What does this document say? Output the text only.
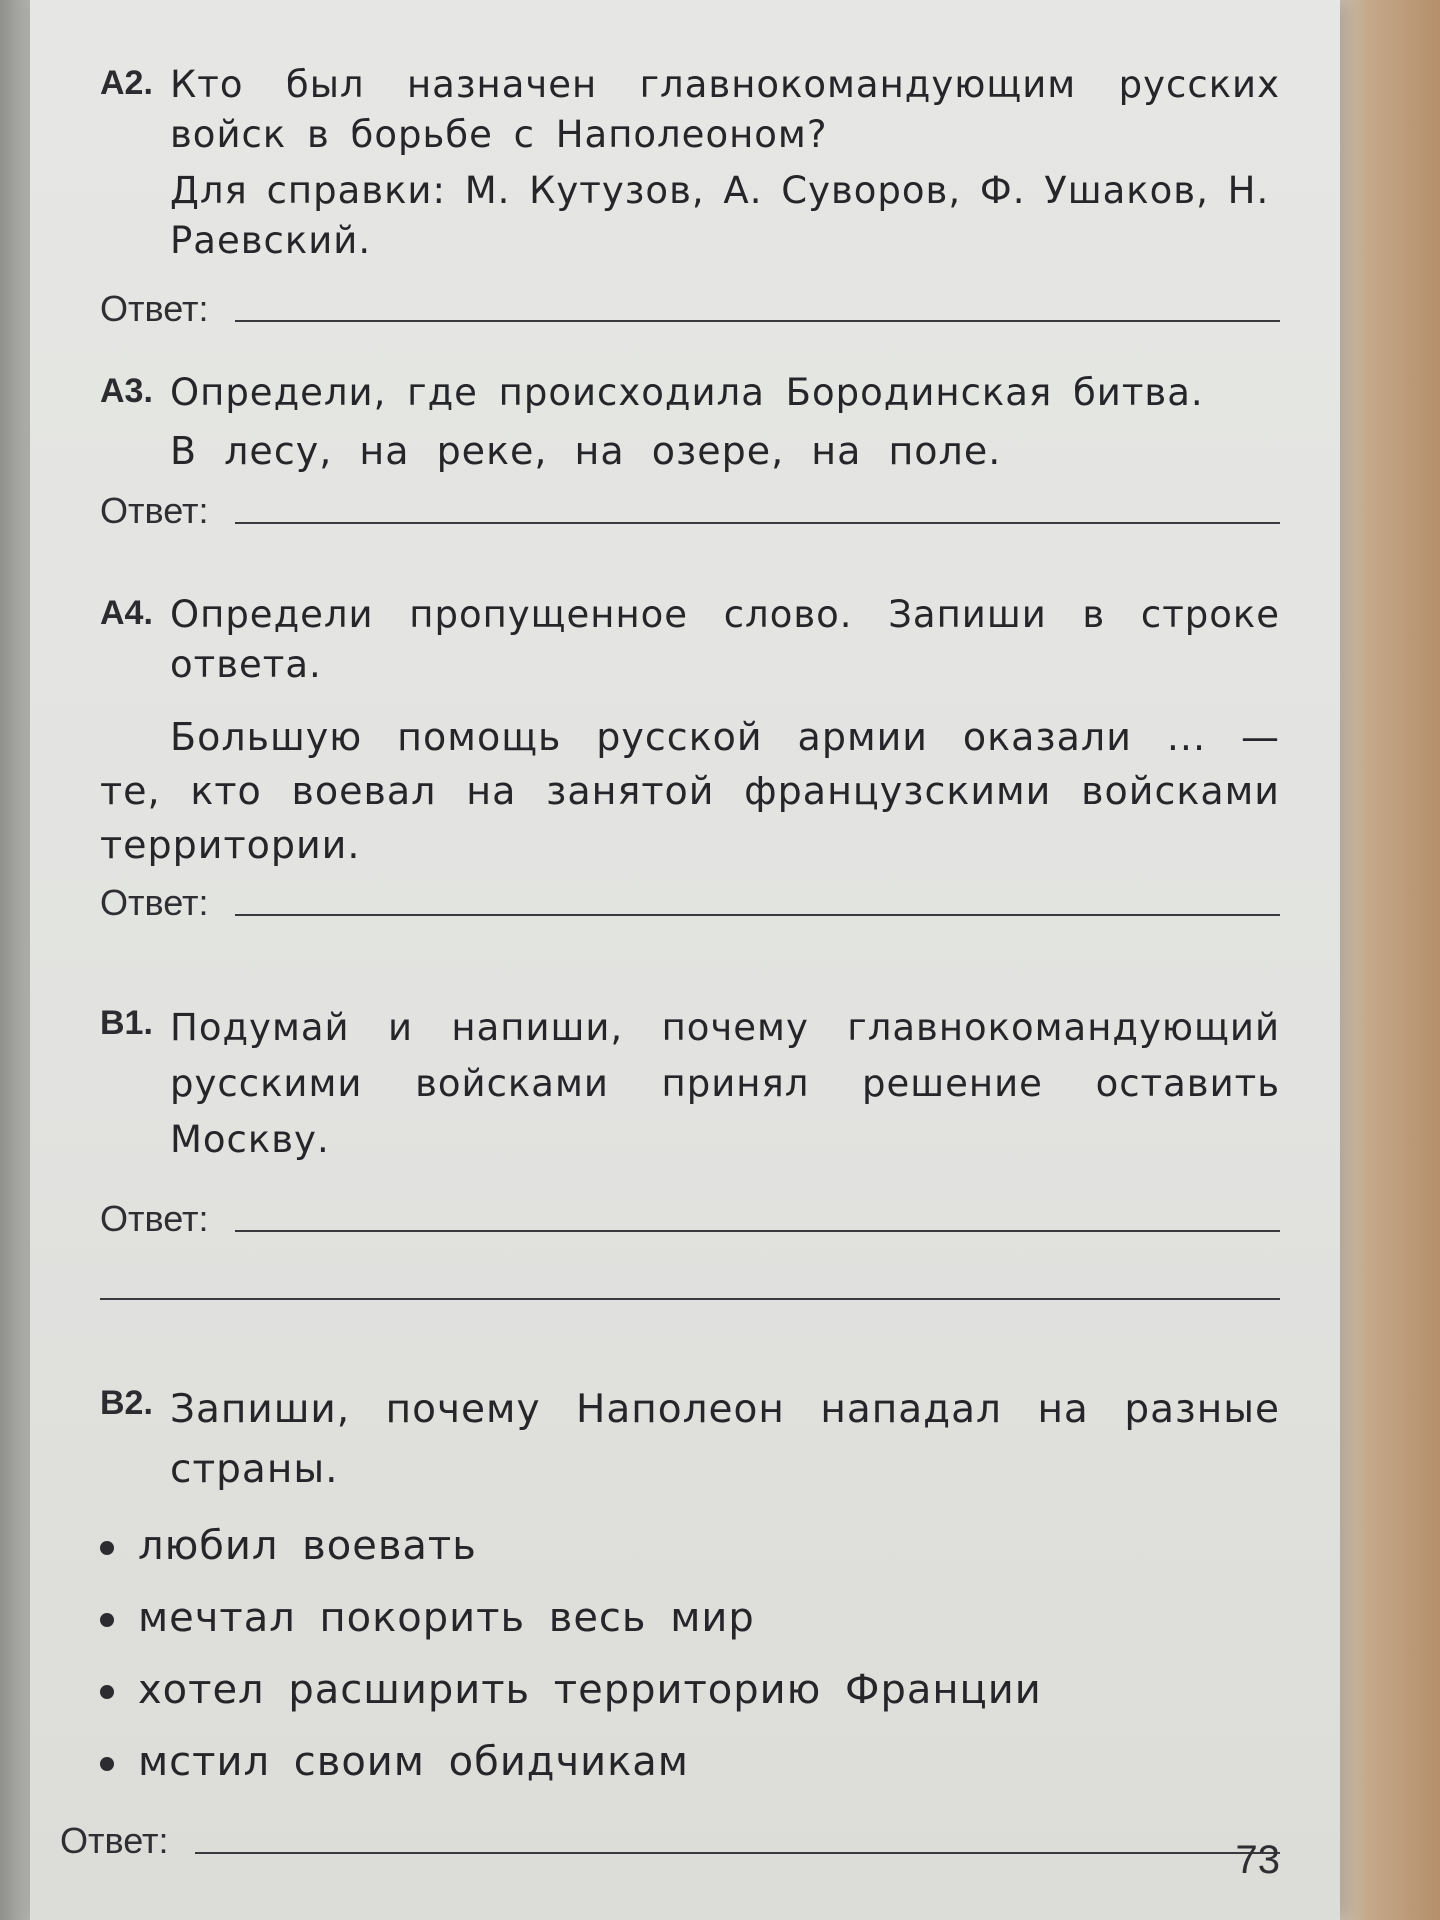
А2. Кто был назначен главнокомандующим русских войск в борьбе с Наполеоном?
Для справки: М. Кутузов, А. Суворов, Ф. Ушаков, Н. Раевский.
Ответ:
А3. Определи, где происходила Бородинская битва.
В лесу, на реке, на озере, на поле.
Ответ:
А4. Определи пропущенное слово. Запиши в строке ответа.
Большую помощь русской армии оказали ... — те, кто воевал на занятой французскими войсками территории.
Ответ:
В1. Подумай и напиши, почему главнокомандующий русскими войсками принял решение оставить Москву.
Ответ:
В2. Запиши, почему Наполеон нападал на разные страны.
любил воевать
мечтал покорить весь мир
хотел расширить территорию Франции
мстил своим обидчикам
Ответ:	73
